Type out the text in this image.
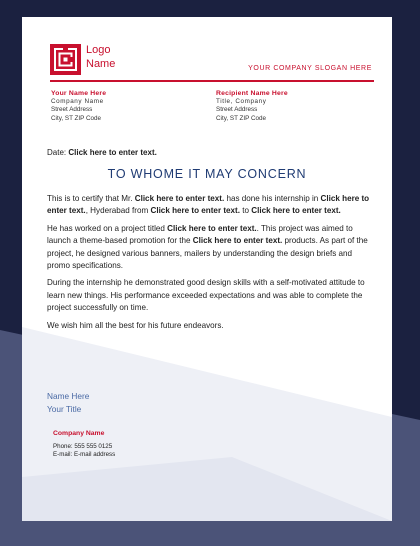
Logo
Name	YOUR COMPANY SLOGAN HERE
Your Name Here
Company Name
Street Address
City, ST ZIP Code
Recipient Name Here
Title, Company
Street Address
City, ST ZIP Code
Date: Click here to enter text.
TO WHOME IT MAY CONCERN

This is to certify that Mr. Click here to enter text. has done his internship in Click here to enter text., Hyderabad from Click here to enter text. to Click here to enter text.

He has worked on a project titled Click here to enter text.. This project was aimed to launch a theme-based promotion for the Click here to enter text. products. As part of the project, he designed various banners, mailers by understanding the design briefs and promo specifications.

During the internship he demonstrated good design skills with a self-motivated attitude to learn new things. His performance exceeded expectations and was able to complete the project successfully on time.

We wish him all the best for his future endeavors.

Name Here
Your Title
Company Name
Phone: 555 555 0125
E-mail: E-mail address
